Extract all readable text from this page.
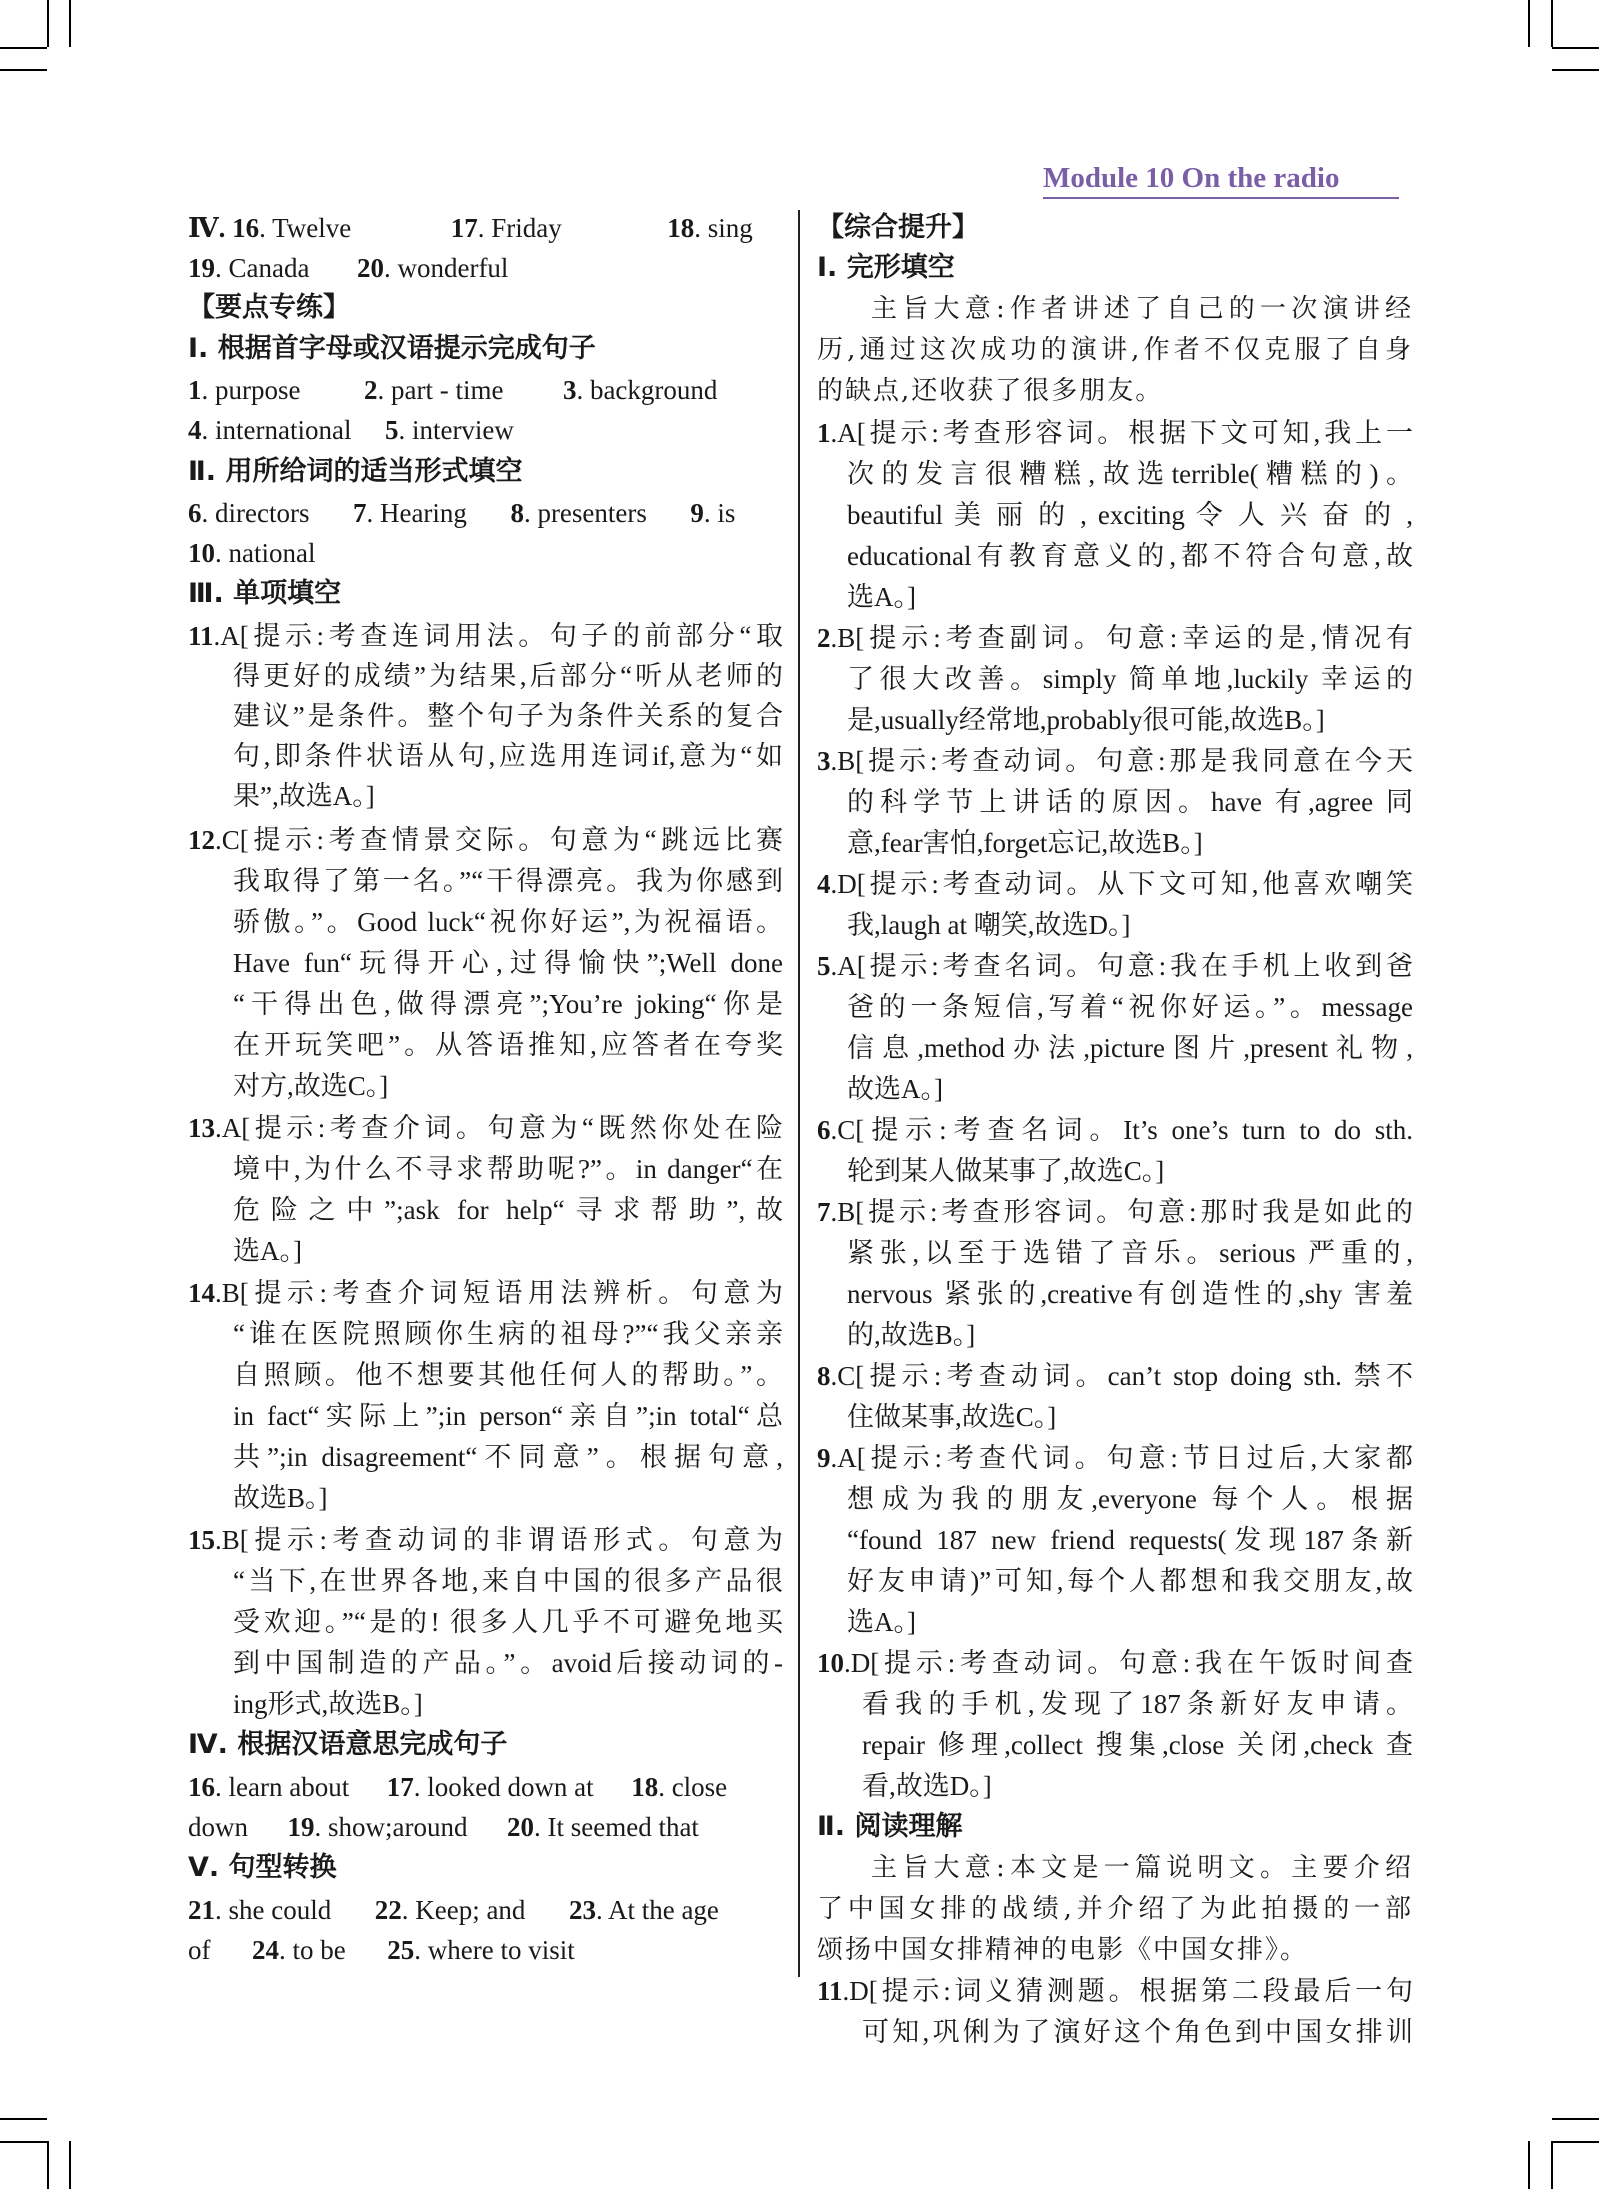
Module 10 On the radio
Ⅳ. 16. Twelve	17. Friday	18. sing
19. Canada 20. wonderful
【要点专练】
Ⅰ. 根据首字母或汉语提示完成句子
1. purpose 2. part - time 3. background
4. international 5. interview
Ⅱ. 用所给词的适当形式填空
6. directors 7. Hearing 8. presenters 9. is
10. national
Ⅲ. 单项填空
11.A[提示:考查连词用法。句子的前部分“取
得更好的成绩”为结果,后部分“听从老师的
建议”是条件。整个句子为条件关系的复合
句,即条件状语从句,应选用连词if,意为“如
果”,故选A。]
12.C[提示:考查情景交际。句意为“跳远比赛
我取得了第一名。”“干得漂亮。我为你感到
骄傲。”。Good luck“祝你好运”,为祝福语。
Have fun“玩得开心,过得愉快”;Well done
“干得出色,做得漂亮”;You’re joking“你是
在开玩笑吧”。从答语推知,应答者在夸奖
对方,故选C。]
13.A[提示:考查介词。句意为“既然你处在险
境中,为什么不寻求帮助呢?”。in danger“在
危险之中”;ask for help“寻求帮助”,故
选A。]
14.B[提示:考查介词短语用法辨析。句意为
“谁在医院照顾你生病的祖母?”“我父亲亲
自照顾。他不想要其他任何人的帮助。”。
in fact“实际上”;in person“亲自”;in total“总
共”;in disagreement“不同意”。根据句意,
故选B。]
15.B[提示:考查动词的非谓语形式。句意为
“当下,在世界各地,来自中国的很多产品很
受欢迎。”“是的! 很多人几乎不可避免地买
到中国制造的产品。”。avoid后接动词的-
ing形式,故选B。]
Ⅳ. 根据汉语意思完成句子
16. learn about 17. looked down at 18. close
down 19. show;around 20. It seemed that
Ⅴ. 句型转换
21. she could 22. Keep; and 23. At the age
of 24. to be 25. where to visit
【综合提升】
Ⅰ. 完形填空
主旨大意:作者讲述了自己的一次演讲经
历,通过这次成功的演讲,作者不仅克服了自身
的缺点,还收获了很多朋友。
1.A[提示:考查形容词。根据下文可知,我上一
次的发言很糟糕,故选terrible(糟糕的)。
beautiful 美 丽 的 , exciting 令 人 兴 奋 的 ,
educational有教育意义的,都不符合句意,故
选A。]
2.B[提示:考查副词。句意:幸运的是,情况有
了很大改善。simply 简单地,luckily 幸运的
是,usually经常地,probably很可能,故选B。]
3.B[提示:考查动词。句意:那是我同意在今天
的科学节上讲话的原因。have 有,agree 同
意,fear害怕,forget忘记,故选B。]
4.D[提示:考查动词。从下文可知,他喜欢嘲笑
我,laugh at 嘲笑,故选D。]
5.A[提示:考查名词。句意:我在手机上收到爸
爸的一条短信,写着“祝你好运。”。message
信息,method办法,picture图片,present礼物,
故选A。]
6.C[提示:考查名词。It’s one’s turn to do sth.
轮到某人做某事了,故选C。]
7.B[提示:考查形容词。句意:那时我是如此的
紧张,以至于选错了音乐。serious 严重的,
nervous 紧张的,creative有创造性的,shy 害羞
的,故选B。]
8.C[提示:考查动词。can’t stop doing sth. 禁不
住做某事,故选C。]
9.A[提示:考查代词。句意:节日过后,大家都
想成为我的朋友,everyone 每个人。根据
“found 187 new friend requests(发现187条新
好友申请)”可知,每个人都想和我交朋友,故
选A。]
10.D[提示:考查动词。句意:我在午饭时间查
看我的手机,发现了187条新好友申请。
repair 修理,collect 搜集,close 关闭,check 查
看,故选D。]
Ⅱ. 阅读理解
主旨大意:本文是一篇说明文。主要介绍
了中国女排的战绩,并介绍了为此拍摄的一部
颂扬中国女排精神的电影《中国女排》。
11.D[提示:词义猜测题。根据第二段最后一句
可知,巩俐为了演好这个角色到中国女排训
